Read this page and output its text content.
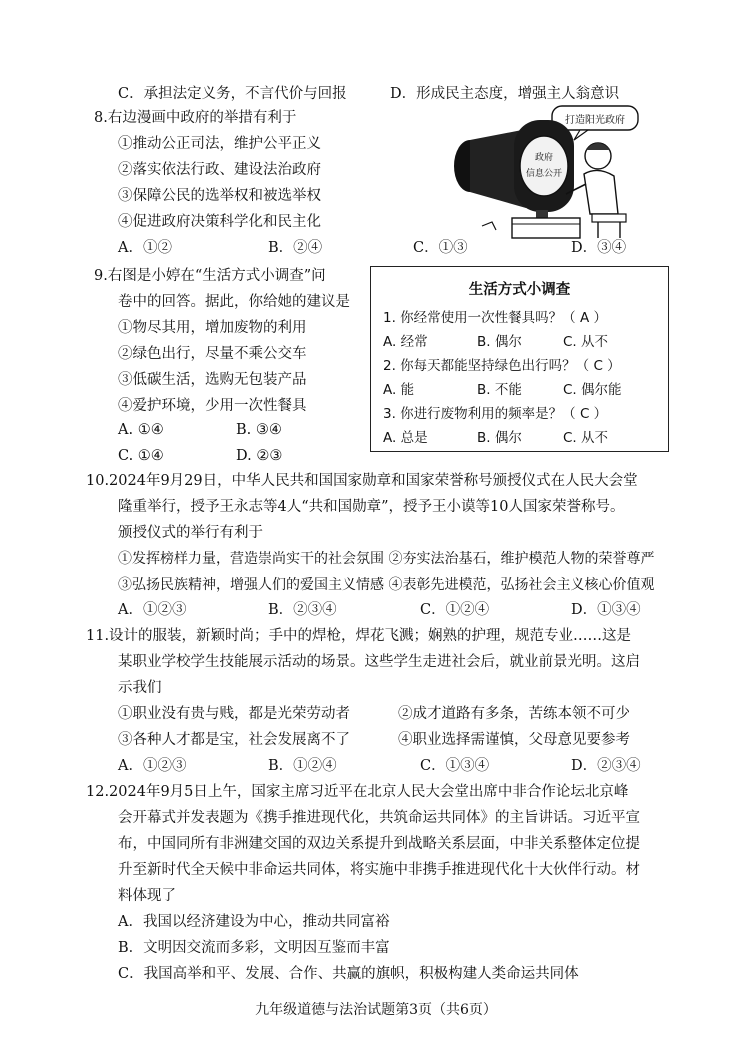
C．承担法定义务，不言代价与回报	D．形成民主态度，增强主人翁意识
8.右边漫画中政府的举措有利于
①推动公正司法，维护公平正义
②落实依法行政、建设法治政府
③保障公民的选举权和被选举权
④促进政府决策科学化和民主化
A．①②	B．②④	C．①③	D．③④
打造阳光政府
政府
信息公开
9.右图是小婷在“生活方式小调查”问
卷中的回答。据此，你给她的建议是
①物尽其用，增加废物的利用
②绿色出行，尽量不乘公交车
③低碳生活，选购无包装产品
④爱护环境，少用一次性餐具
A. ①④	B. ③④
C. ①④	D. ②③
生活方式小调查
1. 你经常使用一次性餐具吗？（ A ）
A. 经常	B. 偶尔	C. 从不
2. 你每天都能坚持绿色出行吗？（ C ）
A. 能	B. 不能	C. 偶尔能
3. 你进行废物利用的频率是？（ C ）
A. 总是	B. 偶尔	C. 从不
10.2024年9月29日，中华人民共和国国家勋章和国家荣誉称号颁授仪式在人民大会堂
隆重举行，授予王永志等4人“共和国勋章”，授予王小谟等10人国家荣誉称号。
颁授仪式的举行有利于
①发挥榜样力量，营造崇尚实干的社会氛围 ②夯实法治基石，维护模范人物的荣誉尊严
③弘扬民族精神，增强人们的爱国主义情感 ④表彰先进模范，弘扬社会主义核心价值观
A．①②③	B．②③④	C．①②④	D．①③④
11.设计的服装，新颖时尚；手中的焊枪，焊花飞溅；娴熟的护理，规范专业……这是
某职业学校学生技能展示活动的场景。这些学生走进社会后，就业前景光明。这启
示我们
①职业没有贵与贱，都是光荣劳动者	②成才道路有多条，苦练本领不可少
③各种人才都是宝，社会发展离不了	④职业选择需谨慎，父母意见要参考
A．①②③	B．①②④	C．①③④	D．②③④
12.2024年9月5日上午，国家主席习近平在北京人民大会堂出席中非合作论坛北京峰
会开幕式并发表题为《携手推进现代化，共筑命运共同体》的主旨讲话。习近平宣
布，中国同所有非洲建交国的双边关系提升到战略关系层面，中非关系整体定位提
升至新时代全天候中非命运共同体，将实施中非携手推进现代化十大伙伴行动。材
料体现了
A．我国以经济建设为中心，推动共同富裕
B．文明因交流而多彩，文明因互鉴而丰富
C．我国高举和平、发展、合作、共赢的旗帜，积极构建人类命运共同体
九年级道德与法治试题第3页（共6页）
